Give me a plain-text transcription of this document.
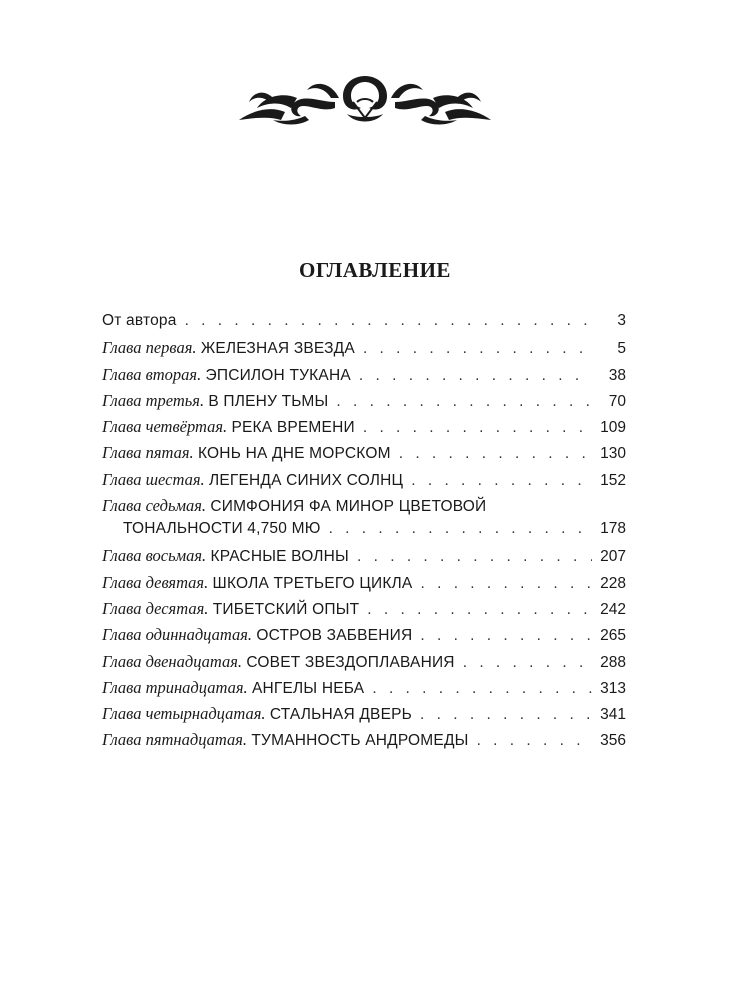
ОГЛАВЛЕНИЕ
От автора . . .	3
Глава первая. ЖЕЛЕЗНАЯ ЗВЕЗДА . . .	5
Глава вторая. ЭПСИЛОН ТУКАНА . . .	38
Глава третья. В ПЛЕНУ ТЬМЫ . . .	70
Глава четвёртая. РЕКА ВРЕМЕНИ . . .	109
Глава пятая. КОНЬ НА ДНЕ МОРСКОМ . . .	130
Глава шестая. ЛЕГЕНДА СИНИХ СОЛНЦ . . .	152
Глава седьмая. СИМФОНИЯ ФА МИНОР ЦВЕТОВОЙ
ТОНАЛЬНОСТИ 4,750 МЮ . . .	178
Глава восьмая. КРАСНЫЕ ВОЛНЫ . . .	207
Глава девятая. ШКОЛА ТРЕТЬЕГО ЦИКЛА . . .	228
Глава десятая. ТИБЕТСКИЙ ОПЫТ . . .	242
Глава одиннадцатая. ОСТРОВ ЗАБВЕНИЯ . . .	265
Глава двенадцатая. СОВЕТ ЗВЕЗДОПЛАВАНИЯ . . .	288
Глава тринадцатая. АНГЕЛЫ НЕБА . . .	313
Глава четырнадцатая. СТАЛЬНАЯ ДВЕРЬ . . .	341
Глава пятнадцатая. ТУМАННОСТЬ АНДРОМЕДЫ . . .	356
